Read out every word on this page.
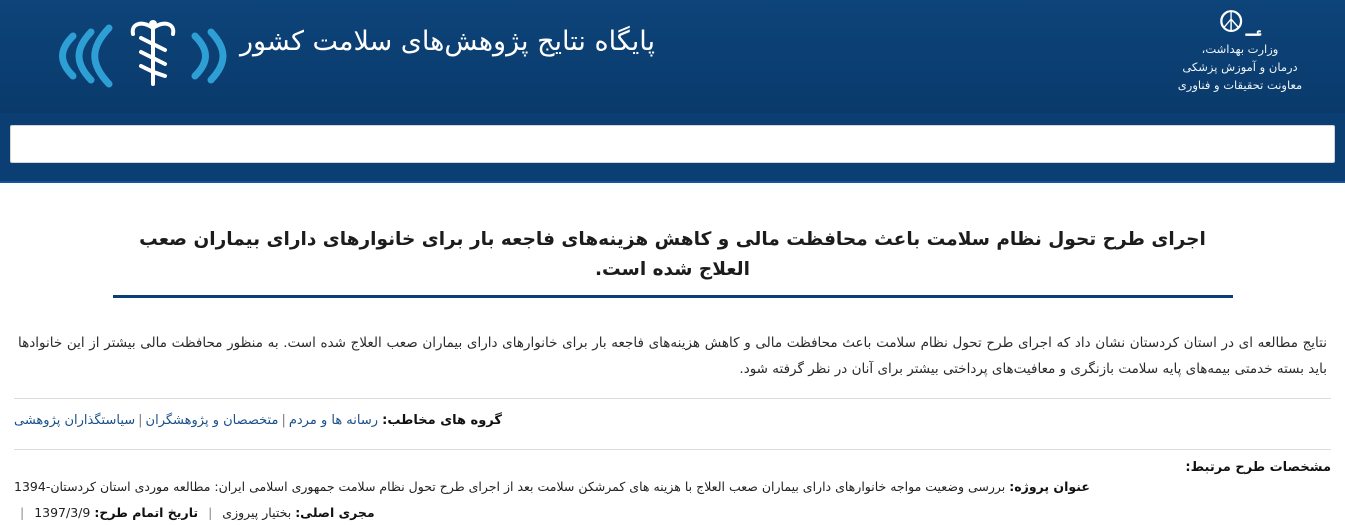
؀☮
وزارت بهداشت،
درمان و آموزش پزشکی
معاونت تحقیقات و فناوری
پایگاه نتایج پژوهش‌های سلامت کشور
اجرای طرح تحول نظام سلامت باعث محافظت مالی و کاهش هزینه‌های فاجعه بار برای خانوارهای دارای بیماران صعب العلاج شده است.
نتایج مطالعه ای در استان کردستان نشان داد که اجرای طرح تحول نظام سلامت باعث محافظت مالی و کاهش هزینه‌های فاجعه بار برای خانوارهای دارای بیماران صعب العلاج شده است. به منظور محافظت مالی بیشتر از این خانوادها باید بسته خدمتی بیمه‌های پایه سلامت بازنگری و معافیت‌های پرداختی بیشتر برای آنان در نظر گرفته شود.
گروه های مخاطب: رسانه ها و مردم|متخصصان و پژوهشگران|سیاستگذاران پژوهشی
مشخصات طرح مرتبط:
عنوان پروژه: بررسی وضعیت مواجه خانوارهای دارای بیماران صعب العلاج با هزینه های کمرشکن سلامت بعد از اجرای طرح تحول نظام سلامت جمهوری اسلامی ایران: مطالعه موردی استان کردستان-1394
مجری اصلی: بختیار پیروزی | تاریخ اتمام طرح: 1397/3/9 |
